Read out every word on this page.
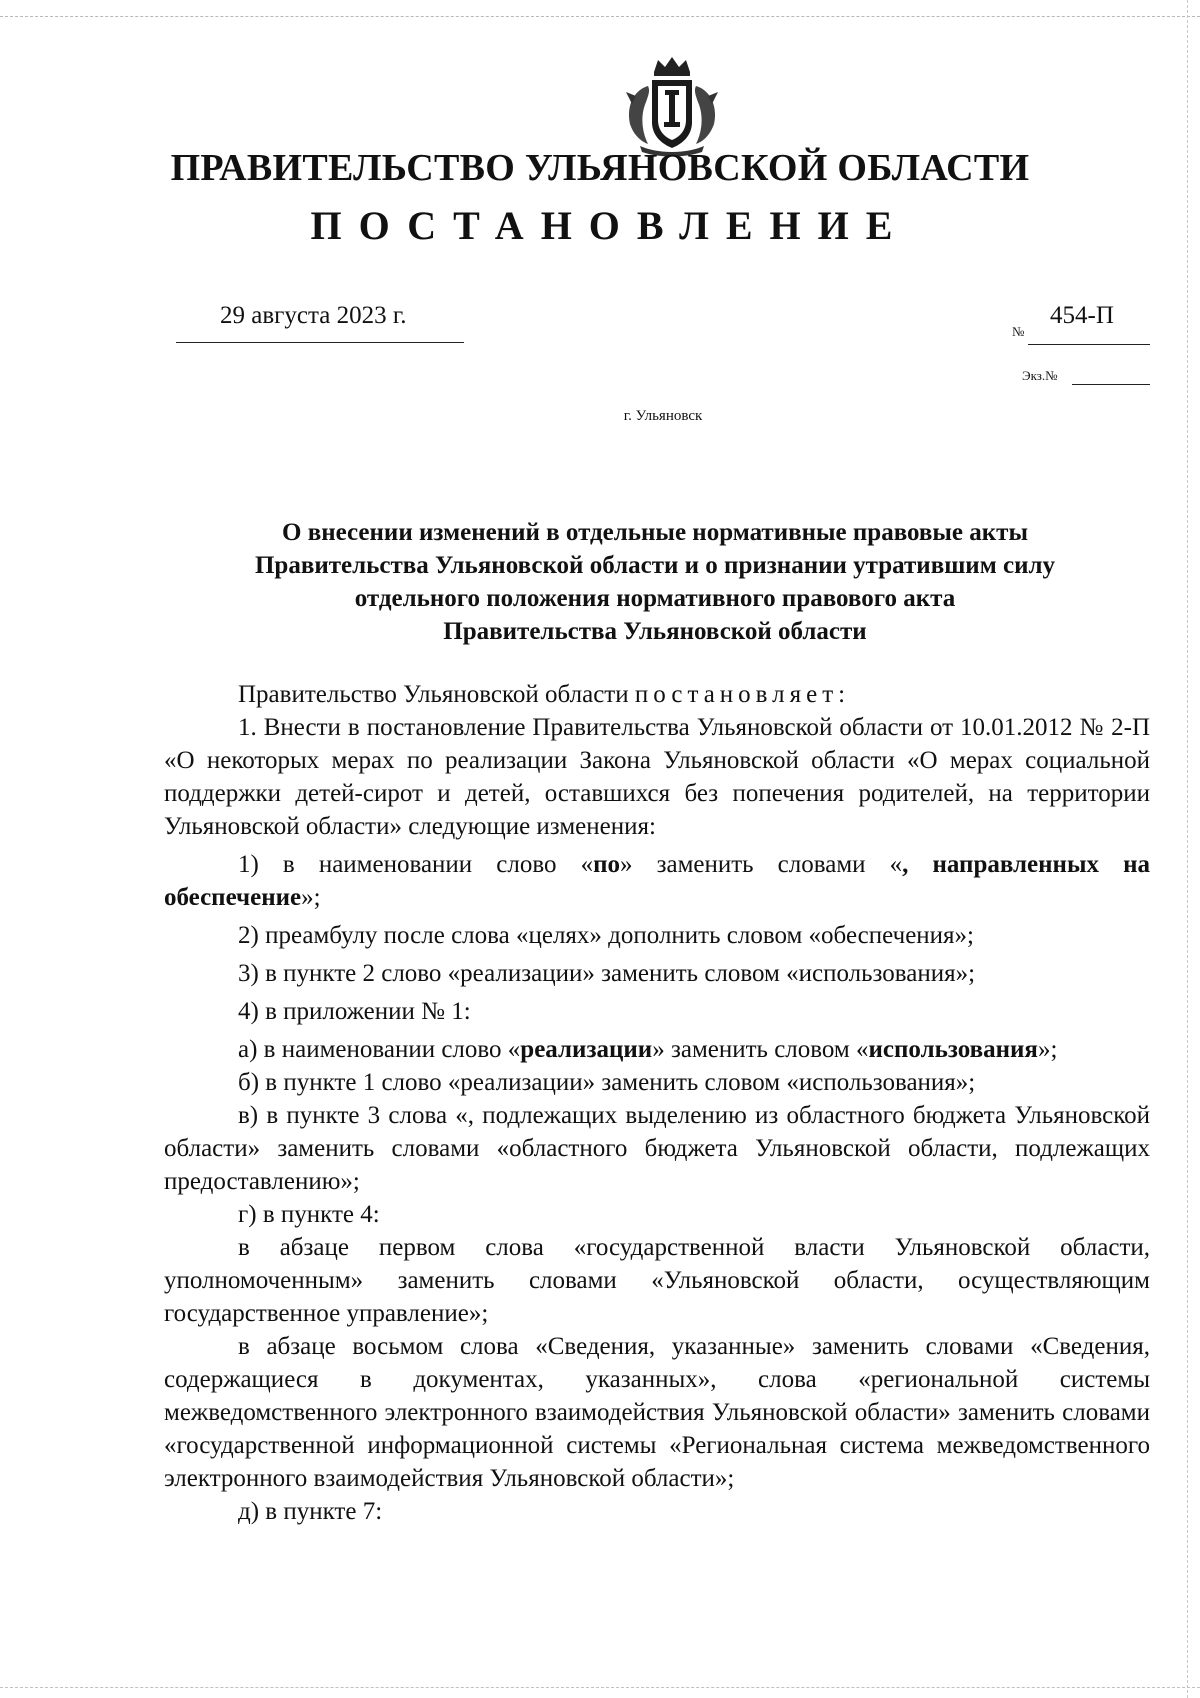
ПРАВИТЕЛЬСТВО УЛЬЯНОВСКОЙ ОБЛАСТИ
ПОСТАНОВЛЕНИЕ
29 августа 2023 г.
№
454-П
Экз.№
г. Ульяновск
О внесении изменений в отдельные нормативные правовые акты
Правительства Ульяновской области и о признании утратившим силу
отдельного положения нормативного правового акта
Правительства Ульяновской области
Правительство Ульяновской области постановляет:
1. Внести в постановление Правительства Ульяновской области от 10.01.2012 № 2-П «О некоторых мерах по реализации Закона Ульяновской области «О мерах социальной поддержки детей-сирот и детей, оставшихся без попечения родителей, на территории Ульяновской области» следующие изменения:
1) в наименовании слово «по» заменить словами «, направленных на обеспечение»;
2) преамбулу после слова «целях» дополнить словом «обеспечения»;
3) в пункте 2 слово «реализации» заменить словом «использования»;
4) в приложении № 1:
а) в наименовании слово «реализации» заменить словом «использования»;
б) в пункте 1 слово «реализации» заменить словом «использования»;
в) в пункте 3 слова «, подлежащих выделению из областного бюджета Ульяновской области» заменить словами «областного бюджета Ульяновской области, подлежащих предоставлению»;
г) в пункте 4:
в абзаце первом слова «государственной власти Ульяновской области, уполномоченным» заменить словами «Ульяновской области, осуществляющим государственное управление»;
в абзаце восьмом слова «Сведения, указанные» заменить словами «Сведения, содержащиеся в документах, указанных», слова «региональной системы межведомственного электронного взаимодействия Ульяновской области» заменить словами «государственной информационной системы «Региональная система межведомственного электронного взаимодействия Ульяновской области»;
д) в пункте 7:
